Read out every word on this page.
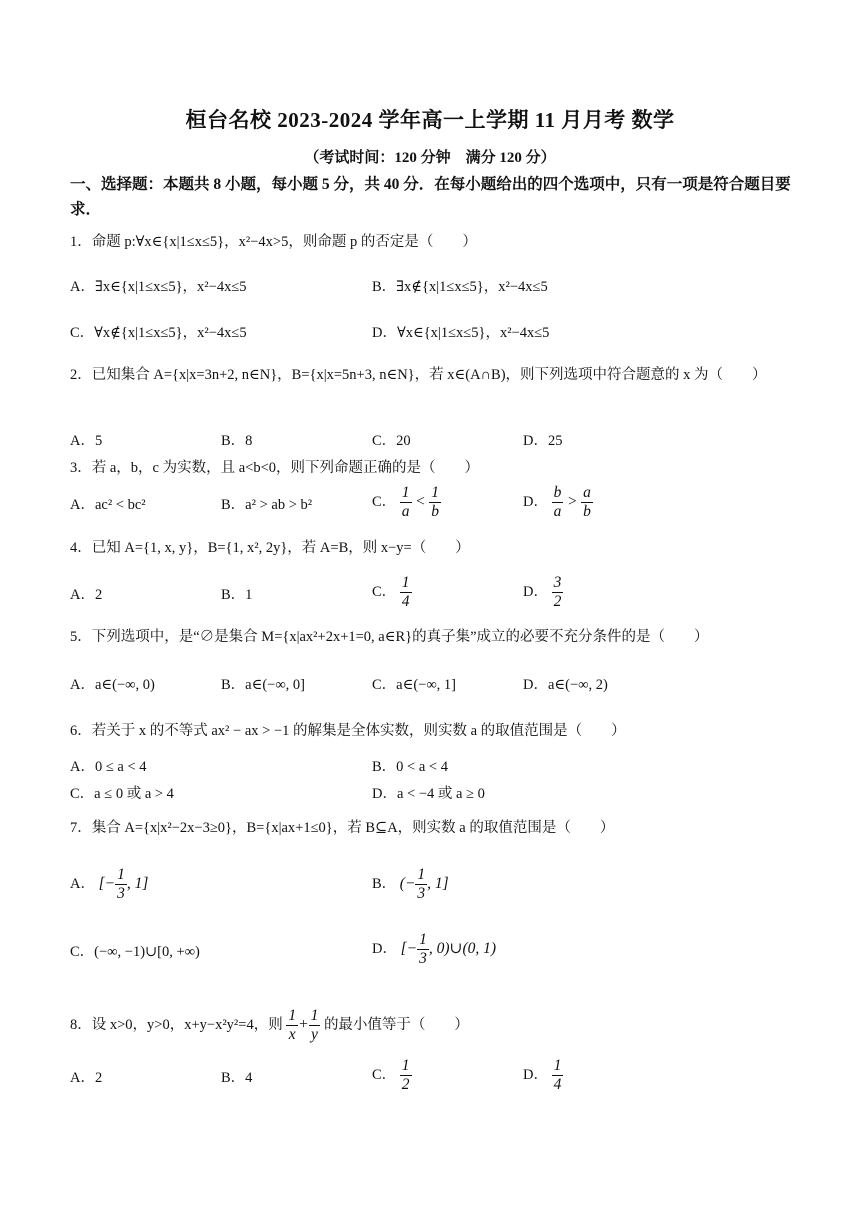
桓台名校 2023-2024 学年高一上学期 11 月月考 数学
（考试时间：120 分钟　满分 120 分）
一、选择题：本题共 8 小题，每小题 5 分，共 40 分．在每小题给出的四个选项中，只有一项是符合题目要求．
1．命题 p:∀x∈{x|1≤x≤5}，x²−4x>5，则命题 p 的否定是（　　）
A．∃x∈{x|1≤x≤5}，x²−4x≤5	B．∃x∉{x|1≤x≤5}，x²−4x≤5
C．∀x∉{x|1≤x≤5}，x²−4x≤5	D．∀x∈{x|1≤x≤5}，x²−4x≤5
2．已知集合 A={x|x=3n+2, n∈N}，B={x|x=5n+3, n∈N}，若 x∈(A∩B)，则下列选项中符合题意的 x 为（　　）
A．5	B．8	C．20	D．25
3．若 a，b，c 为实数，且 a<b<0，则下列命题正确的是（　　）
A．ac² < bc²	B．a² > ab > b²	C． $\frac{1}{a} < \frac{1}{b}$	D． $\frac{b}{a} > \frac{a}{b}$
4．已知 A={1, x, y}，B={1, x², 2y}，若 A=B，则 x−y=（　　）
A．2	B．1	C． $\frac{1}{4}$	D． $\frac{3}{2}$
5．下列选项中，是“∅是集合 M={x|ax²+2x+1=0, a∈R}的真子集”成立的必要不充分条件的是（　　）
A．a∈(−∞, 0)	B．a∈(−∞, 0]	C．a∈(−∞, 1]	D．a∈(−∞, 2)
6．若关于 x 的不等式 ax² − ax > −1 的解集是全体实数，则实数 a 的取值范围是（　　）
A．0 ≤ a < 4	B．0 < a < 4
C．a ≤ 0 或 a > 4	D．a < −4 或 a ≥ 0
7．集合 A={x|x²−2x−3≥0}，B={x|ax+1≤0}，若 B⊆A，则实数 a 的取值范围是（　　）
A． [− $\frac{1}{3}$ , 1]	B． (− $\frac{1}{3}$ , 1]
C．(−∞, −1)∪[0, +∞)	D． [− $\frac{1}{3}$ , 0)∪(0, 1)
8．设 x>0，y>0，x+y−x²y²=4，则 $\frac{1}{x} + \frac{1}{y}$ 的最小值等于（　　）
A．2	B．4	C． $\frac{1}{2}$	D． $\frac{1}{4}$
